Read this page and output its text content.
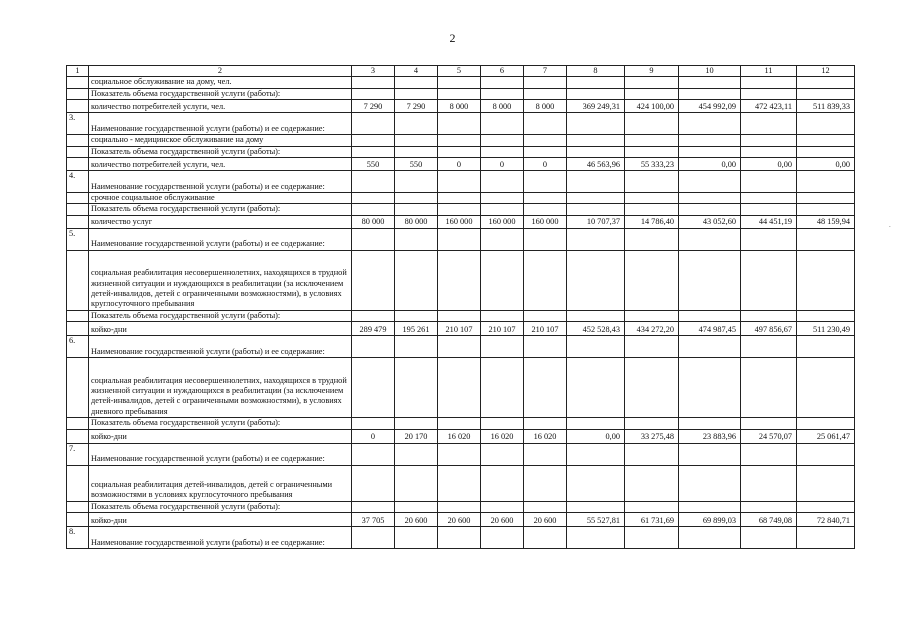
2
.
1	2	3	4	5	6	7	8	9	10	11	12
	социальное обслуживание на дому, чел.										
	Показатель объема государственной услуги (работы):										
	количество потребителей услуги, чел.	7 290	7 290	8 000	8 000	8 000	369 249,31	424 100,00	454 992,09	472 423,11	511 839,33
3.	Наименование государственной услуги (работы) и ее содержание:										
	социально - медицинское обслуживание на дому										
	Показатель объема государственной услуги (работы):										
	количество потребителей услуги, чел.	550	550	0	0	0	46 563,96	55 333,23	0,00	0,00	0,00
4.	Наименование государственной услуги (работы) и ее содержание:										
	срочное социальное обслуживание										
	Показатель объема государственной услуги (работы):										
	количество услуг	80 000	80 000	160 000	160 000	160 000	10 707,37	14 786,40	43 052,60	44 451,19	48 159,94
5.	Наименование государственной услуги (работы) и ее содержание:										
	социальная реабилитация несовершеннолетних, находящихся в трудной жизненной ситуации и нуждающихся в реабилитации (за исключением детей-инвалидов, детей с ограниченными возможностями), в условиях круглосуточного пребывания										
	Показатель объема государственной услуги (работы):										
	койко-дни	289 479	195 261	210 107	210 107	210 107	452 528,43	434 272,20	474 987,45	497 856,67	511 230,49
6.	Наименование государственной услуги (работы) и ее содержание:										
	социальная реабилитация несовершеннолетних, находящихся в трудной жизненной ситуации и нуждающихся в реабилитации (за исключением детей-инвалидов, детей с ограниченными возможностями), в условиях дневного пребывания										
	Показатель объема государственной услуги (работы):										
	койко-дни	0	20 170	16 020	16 020	16 020	0,00	33 275,48	23 883,96	24 570,07	25 061,47
7.	Наименование государственной услуги (работы) и ее содержание:										
	социальная реабилитация детей-инвалидов, детей с ограниченными возможностями в условиях круглосуточного пребывания										
	Показатель объема государственной услуги (работы):										
	койко-дни	37 705	20 600	20 600	20 600	20 600	55 527,81	61 731,69	69 899,03	68 749,08	72 840,71
8.	Наименование государственной услуги (работы) и ее содержание:										
